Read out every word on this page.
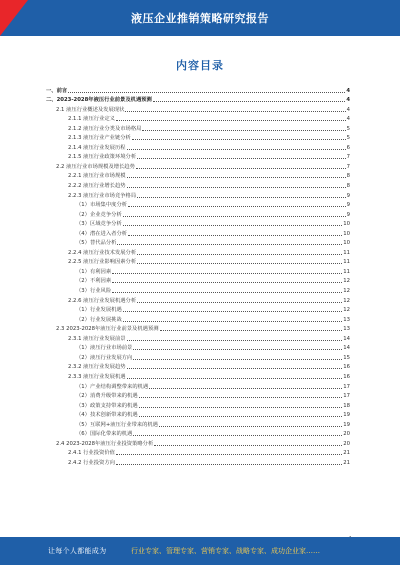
液压企业推销策略研究报告
内容目录
一、前言	4
二、2023-2028年液压行业前景及机遇预测	4
2.1 液压行业概述及发展现状	4
2.1.1 液压行业定义	4
2.1.2 液压行业分类及市场格局	5
2.1.3 液压行业产业链分析	5
2.1.4 液压行业发展历程	6
2.1.5 液压行业政策环境分析	7
2.2 液压行业市场规模及增长趋势	7
2.2.1 液压行业市场规模	8
2.2.2 液压行业增长趋势	8
2.2.3 液压行业市场竞争格局	9
（1）市场集中度分析	9
（2）企业竞争分析	9
（3）区域竞争分析	10
（4）潜在进入者分析	10
（5）替代品分析	10
2.2.4 液压行业技术发展分析	11
2.2.5 液压行业影响因素分析	11
（1）有利因素	11
（2）不利因素	12
（3）行业风险	12
2.2.6 液压行业发展机遇分析	12
（1）行业发展机遇	12
（2）行业发展挑战	13
2.3 2023-2028年液压行业前景及机遇预测	13
2.3.1 液压行业发展前景	14
（1）液压行业市场前景	14
（2）液压行业发展方向	15
2.3.2 液压行业发展趋势	16
2.3.3 液压行业发展机遇	16
（1）产业结构调整带来的机遇	17
（2）消费升级带来的机遇	17
（3）政策支持带来的机遇	18
（4）技术创新带来的机遇	19
（5）互联网+液压行业带来的机遇	19
（6）国际化带来的机遇	20
2.4 2023-2028年液压行业投资策略分析	20
2.4.1 行业投资价值	21
2.4.2 行业投资方向	21
让每个人都能成为	行业专家、管理专家、营销专家、战略专家、成功企业家……
